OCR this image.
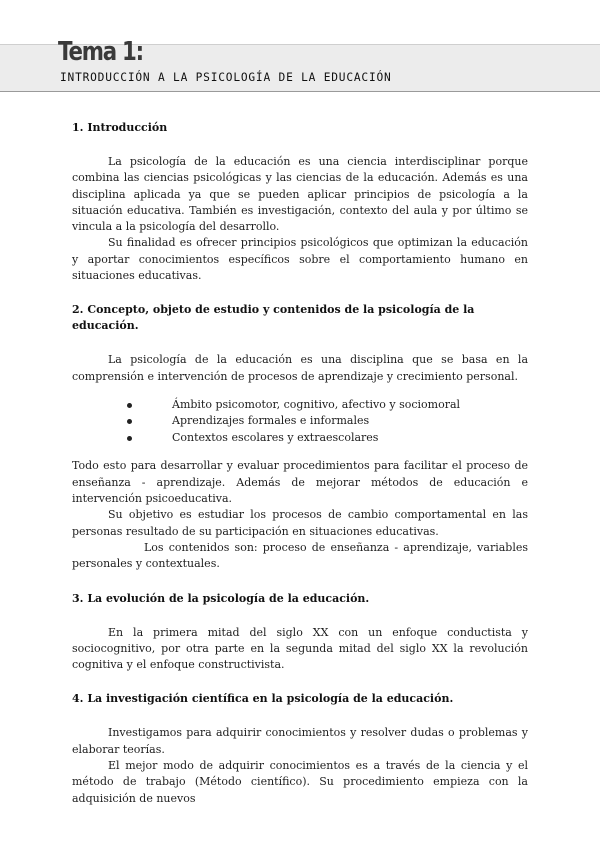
Tema 1:
INTRODUCCIÓN A LA PSICOLOGÍA DE LA EDUCACIÓN
1. Introducción

La psicología de la educación es una ciencia interdisciplinar porque combina las ciencias psicológicas y las ciencias de la educación. Además es una disciplina aplicada ya que se pueden aplicar principios de psicología a la situación educativa. También es investigación, contexto del aula y por último se vincula a la psicología del desarrollo.

Su finalidad es ofrecer principios psicológicos que optimizan la educación y aportar conocimientos específicos sobre el comportamiento humano en situaciones educativas.

2. Concepto, objeto de estudio y contenidos de la psicología de la educación.

La psicología de la educación es una disciplina que se basa en la comprensión e intervención de procesos de aprendizaje y crecimiento personal.

Ámbito psicomotor, cognitivo, afectivo y sociomoral
Aprendizajes formales e informales
Contextos escolares y extraescolares

Todo esto para desarrollar y evaluar procedimientos para facilitar el proceso de enseñanza - aprendizaje. Además de mejorar métodos de educación e intervención psicoeducativa.

Su objetivo es estudiar los procesos de cambio comportamental en las personas resultado de su participación en situaciones educativas.

Los contenidos son: proceso de enseñanza - aprendizaje, variables personales y contextuales.

3. La evolución de la psicología de la educación.

En la primera mitad del siglo XX con un enfoque conductista y sociocognitivo, por otra parte en la segunda mitad del siglo XX la revolución cognitiva y el enfoque constructivista.

4. La investigación científica en la psicología de la educación.

Investigamos para adquirir conocimientos y resolver dudas o problemas y elaborar teorías.

El mejor modo de adquirir conocimientos es a través de la ciencia y el método de trabajo (Método científico). Su procedimiento empieza con la adquisición de nuevos
